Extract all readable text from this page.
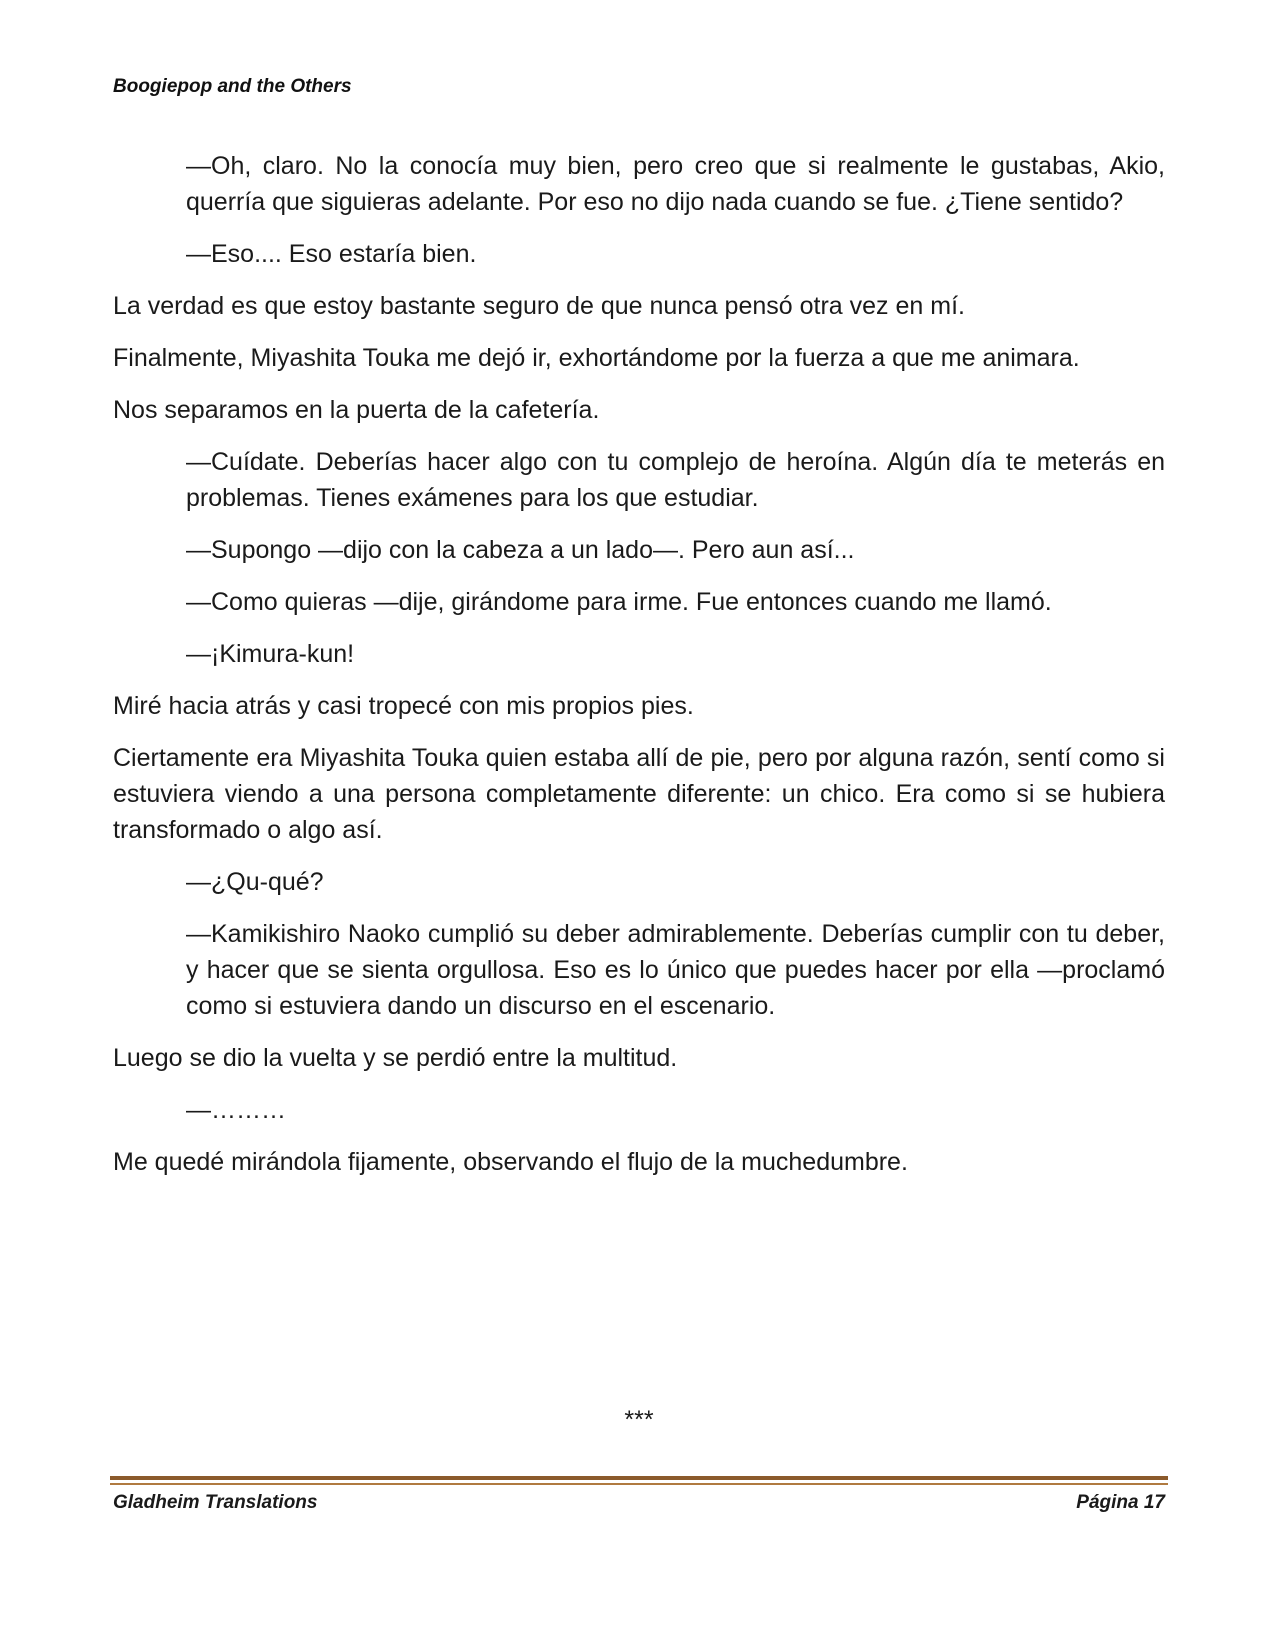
Boogiepop and the Others

—Oh, claro. No la conocía muy bien, pero creo que si realmente le gustabas, Akio, querría que siguieras adelante. Por eso no dijo nada cuando se fue. ¿Tiene sentido?

—Eso.... Eso estaría bien.

La verdad es que estoy bastante seguro de que nunca pensó otra vez en mí.

Finalmente, Miyashita Touka me dejó ir, exhortándome por la fuerza a que me animara.

Nos separamos en la puerta de la cafetería.

—Cuídate. Deberías hacer algo con tu complejo de heroína. Algún día te meterás en problemas. Tienes exámenes para los que estudiar.

—Supongo —dijo con la cabeza a un lado—. Pero aun así...

—Como quieras —dije, girándome para irme. Fue entonces cuando me llamó.

—¡Kimura-kun!

Miré hacia atrás y casi tropecé con mis propios pies.

Ciertamente era Miyashita Touka quien estaba allí de pie, pero por alguna razón, sentí como si estuviera viendo a una persona completamente diferente: un chico. Era como si se hubiera transformado o algo así.

—¿Qu-qué?

—Kamikishiro Naoko cumplió su deber admirablemente. Deberías cumplir con tu deber, y hacer que se sienta orgullosa. Eso es lo único que puedes hacer por ella —proclamó como si estuviera dando un discurso en el escenario.

Luego se dio la vuelta y se perdió entre la multitud.

—………

Me quedé mirándola fijamente, observando el flujo de la muchedumbre.

***
Gladheim Translations	Página 17
